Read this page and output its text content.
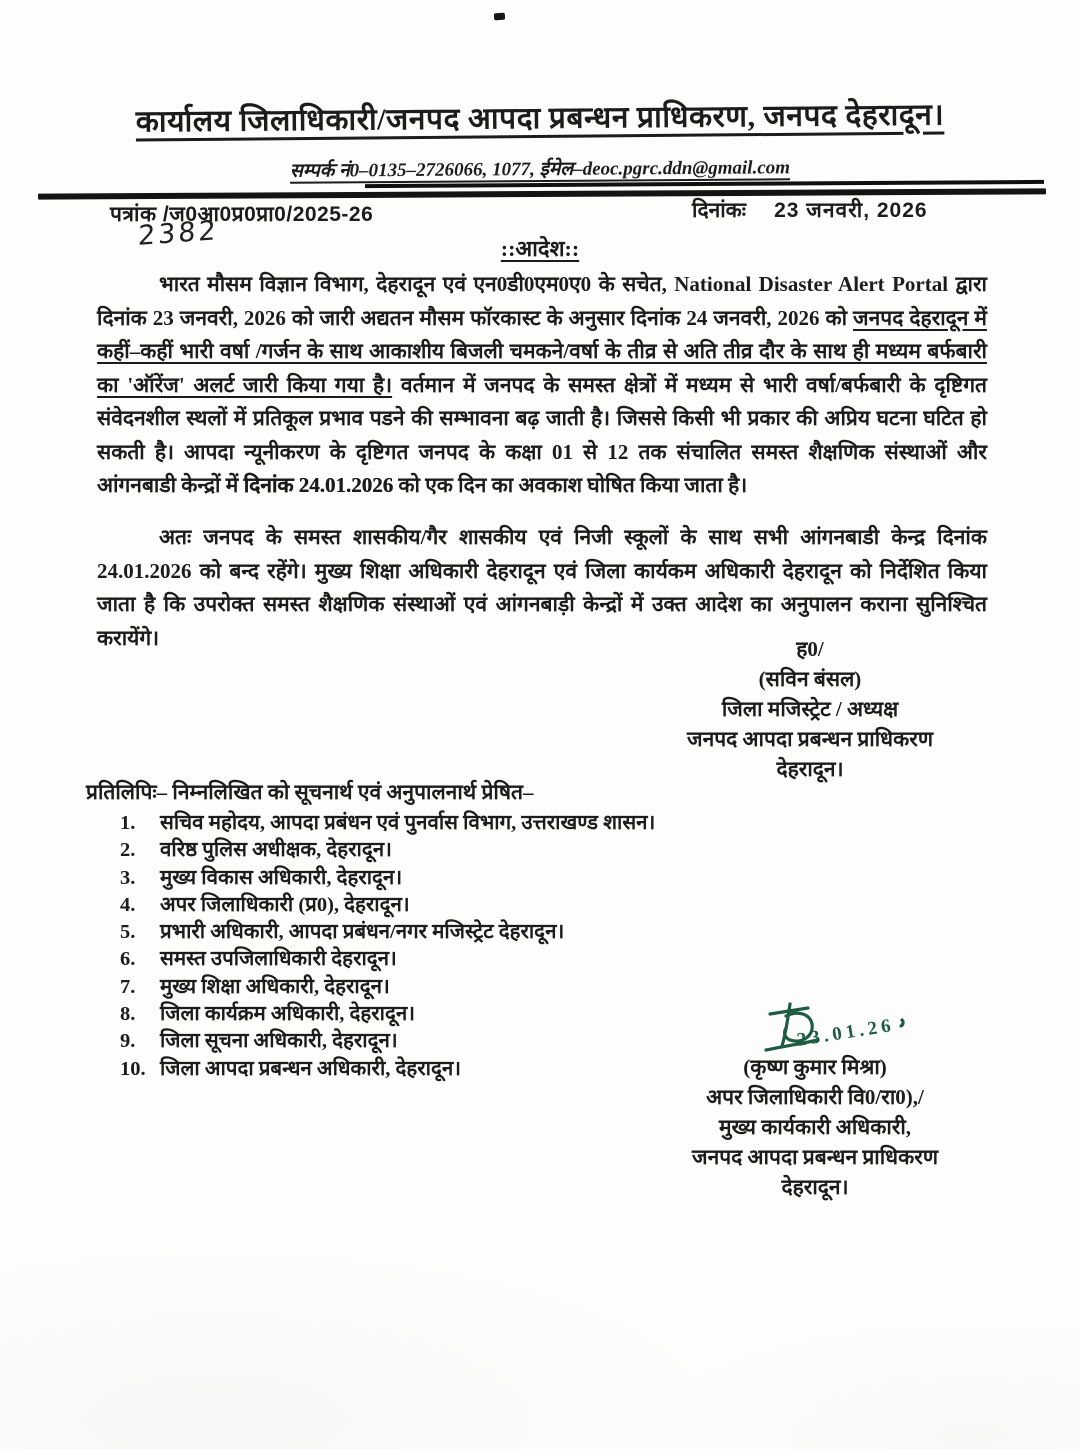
कार्यालय जिलाधिकारी/जनपद आपदा प्रबन्धन प्राधिकरण, जनपद देहरादून।
सम्पर्क नं0–0135–2726066, 1077, ईमेल–deoc.pgrc.ddn@gmail.com
पत्रांक /ज0आ0प्र0प्रा0/2025-26	दिनांकः 23 जनवरी, 2026
2382	::आदेश::
भारत मौसम विज्ञान विभाग, देहरादून एवं एन0डी0एम0ए0 के सचेत, National Disaster Alert Portal द्वारा दिनांक 23 जनवरी, 2026 को जारी अद्यतन मौसम फॉरकास्ट के अनुसार दिनांक 24 जनवरी, 2026 को जनपद देहरादून में कहीं–कहीं भारी वर्षा /गर्जन के साथ आकाशीय बिजली चमकने/वर्षा के तीव्र से अति तीव्र दौर के साथ ही मध्यम बर्फबारी का 'ऑरेंज' अलर्ट जारी किया गया है। वर्तमान में जनपद के समस्त क्षेत्रों में मध्यम से भारी वर्षा/बर्फबारी के दृष्टिगत संवेदनशील स्थलों में प्रतिकूल प्रभाव पडने की सम्भावना बढ़ जाती है। जिससे किसी भी प्रकार की अप्रिय घटना घटित हो सकती है। आपदा न्यूनीकरण के दृष्टिगत जनपद के कक्षा 01 से 12 तक संचालित समस्त शैक्षणिक संस्थाओं और आंगनबाडी केन्द्रों में दिनांक 24.01.2026 को एक दिन का अवकाश घोषित किया जाता है।
अतः जनपद के समस्त शासकीय/गैर शासकीय एवं निजी स्कूलों के साथ सभी आंगनबाडी केन्द्र दिनांक 24.01.2026 को बन्द रहेंगे। मुख्य शिक्षा अधिकारी देहरादून एवं जिला कार्यकम अधिकारी देहरादून को निर्देशित किया जाता है कि उपरोक्त समस्त शैक्षणिक संस्थाओं एवं आंगनबाड़ी केन्द्रों में उक्त आदेश का अनुपालन कराना सुनिश्चित करायेंगे।	ह0/
(सविन बंसल)
जिला मजिस्ट्रेट / अध्यक्ष
जनपद आपदा प्रबन्धन प्राधिकरण
देहरादून।
प्रतिलिपिः– निम्नलिखित को सूचनार्थ एवं अनुपालनार्थ प्रेषित–
1.	सचिव महोदय, आपदा प्रबंधन एवं पुनर्वास विभाग, उत्तराखण्ड शासन।
2.	वरिष्ठ पुलिस अधीक्षक, देहरादून।
3.	मुख्य विकास अधिकारी, देहरादून।
4.	अपर जिलाधिकारी (प्र0), देहरादून।
5.	प्रभारी अधिकारी, आपदा प्रबंधन/नगर मजिस्ट्रेट देहरादून।
6.	समस्त उपजिलाधिकारी देहरादून।
7.	मुख्य शिक्षा अधिकारी, देहरादून।
8.	जिला कार्यक्रम अधिकारी, देहरादून।
9.	जिला सूचना अधिकारी, देहरादून।
10. जिला आपदा प्रबन्धन अधिकारी, देहरादून।
23.01.26
(कृष्ण कुमार मिश्रा)
अपर जिलाधिकारी वि0/रा0),/
मुख्य कार्यकारी अधिकारी,
जनपद आपदा प्रबन्धन प्राधिकरण
देहरादून।
